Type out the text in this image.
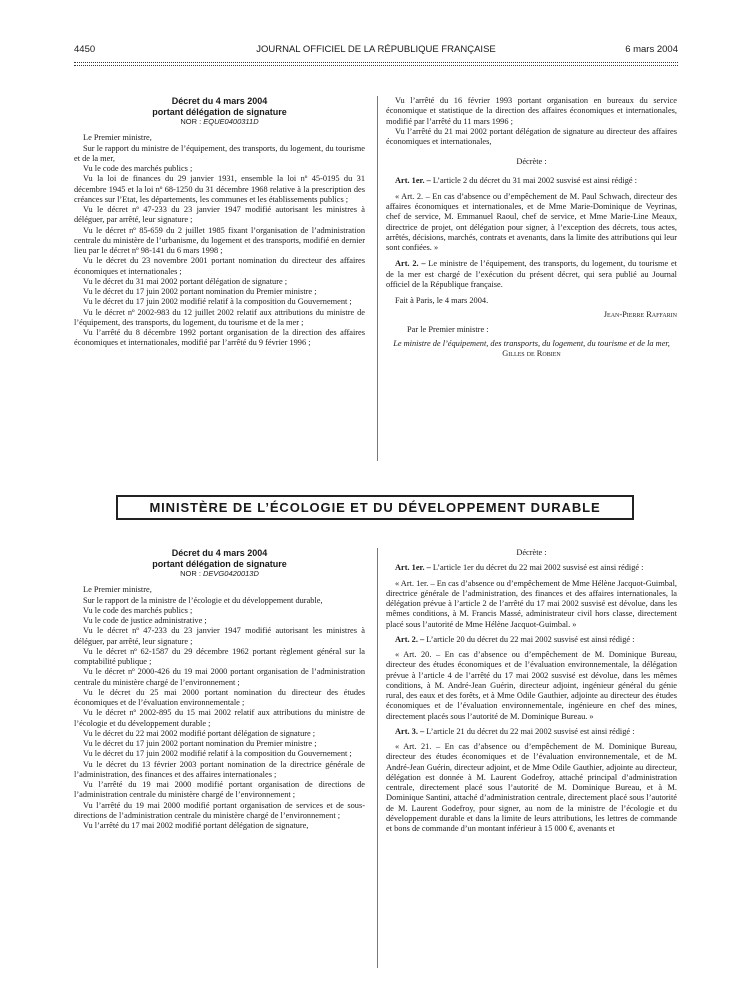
4450	JOURNAL OFFICIEL DE LA RÉPUBLIQUE FRANÇAISE	6 mars 2004

Décret du 4 mars 2004

portant délégation de signature

NOR : EQUE0400311D

Le Premier ministre,

Sur le rapport du ministre de l’équipement, des transports, du logement, du tourisme et de la mer,

Vu le code des marchés publics ;

Vu la loi de finances du 29 janvier 1931, ensemble la loi nº 45-0195 du 31 décembre 1945 et la loi nº 68-1250 du 31 décembre 1968 relative à la prescription des créances sur l’Etat, les départements, les communes et les établissements publics ;

Vu le décret nº 47-233 du 23 janvier 1947 modifié autorisant les ministres à déléguer, par arrêté, leur signature ;

Vu le décret nº 85-659 du 2 juillet 1985 fixant l’organisation de l’administration centrale du ministère de l’urbanisme, du logement et des transports, modifié en dernier lieu par le décret nº 98-141 du 6 mars 1998 ;

Vu le décret du 23 novembre 2001 portant nomination du directeur des affaires économiques et internationales ;

Vu le décret du 31 mai 2002 portant délégation de signature ;

Vu le décret du 17 juin 2002 portant nomination du Premier ministre ;

Vu le décret du 17 juin 2002 modifié relatif à la composition du Gouvernement ;

Vu le décret nº 2002-983 du 12 juillet 2002 relatif aux attributions du ministre de l’équipement, des transports, du logement, du tourisme et de la mer ;

Vu l’arrêté du 8 décembre 1992 portant organisation de la direction des affaires économiques et internationales, modifié par l’arrêté du 9 février 1996 ;

Vu l’arrêté du 16 février 1993 portant organisation en bureaux du service économique et statistique de la direction des affaires économiques et internationales, modifié par l’arrêté du 11 mars 1996 ;

Vu l’arrêté du 21 mai 2002 portant délégation de signature au directeur des affaires économiques et internationales,

Décrète :

Art. 1er. – L’article 2 du décret du 31 mai 2002 susvisé est ainsi rédigé :

« Art. 2. – En cas d’absence ou d’empêchement de M. Paul Schwach, directeur des affaires économiques et internationales, et de Mme Marie-Dominique de Veyrinas, chef de service, M. Emmanuel Raoul, chef de service, et Mme Marie-Line Meaux, directrice de projet, ont délégation pour signer, à l’exception des décrets, tous actes, arrêtés, décisions, marchés, contrats et avenants, dans la limite des attributions qui leur sont confiées. »

Art. 2. – Le ministre de l’équipement, des transports, du logement, du tourisme et de la mer est chargé de l’exécution du présent décret, qui sera publié au Journal officiel de la République française.

Fait à Paris, le 4 mars 2004.

Jean-Pierre Raffarin

Par le Premier ministre :

Le ministre de l’équipement, des transports, du logement, du tourisme et de la mer,

Gilles de Robien

MINISTÈRE DE L’ÉCOLOGIE ET DU DÉVELOPPEMENT DURABLE

Décret du 4 mars 2004

portant délégation de signature

NOR : DEVG0420013D

Le Premier ministre,

Sur le rapport de la ministre de l’écologie et du développement durable,

Vu le code des marchés publics ;

Vu le code de justice administrative ;

Vu le décret nº 47-233 du 23 janvier 1947 modifié autorisant les ministres à déléguer, par arrêté, leur signature ;

Vu le décret nº 62-1587 du 29 décembre 1962 portant règlement général sur la comptabilité publique ;

Vu le décret nº 2000-426 du 19 mai 2000 portant organisation de l’administration centrale du ministère chargé de l’environnement ;

Vu le décret du 25 mai 2000 portant nomination du directeur des études économiques et de l’évaluation environnementale ;

Vu le décret nº 2002-895 du 15 mai 2002 relatif aux attributions du ministre de l’écologie et du développement durable ;

Vu le décret du 22 mai 2002 modifié portant délégation de signature ;

Vu le décret du 17 juin 2002 portant nomination du Premier ministre ;

Vu le décret du 17 juin 2002 modifié relatif à la composition du Gouvernement ;

Vu le décret du 13 février 2003 portant nomination de la directrice générale de l’administration, des finances et des affaires internationales ;

Vu l’arrêté du 19 mai 2000 modifié portant organisation de directions de l’administration centrale du ministère chargé de l’environnement ;

Vu l’arrêté du 19 mai 2000 modifié portant organisation de services et de sous-directions de l’administration centrale du ministère chargé de l’environnement ;

Vu l’arrêté du 17 mai 2002 modifié portant délégation de signature,

Décrète :

Art. 1er. – L’article 1er du décret du 22 mai 2002 susvisé est ainsi rédigé :

« Art. 1er. – En cas d’absence ou d’empêchement de Mme Hélène Jacquot-Guimbal, directrice générale de l’administration, des finances et des affaires internationales, la délégation prévue à l’article 2 de l’arrêté du 17 mai 2002 susvisé est dévolue, dans les mêmes conditions, à M. Francis Massé, administrateur civil hors classe, directement placé sous l’autorité de Mme Hélène Jacquot-Guimbal. »

Art. 2. – L’article 20 du décret du 22 mai 2002 susvisé est ainsi rédigé :

« Art. 20. – En cas d’absence ou d’empêchement de M. Dominique Bureau, directeur des études économiques et de l’évaluation environnementale, la délégation prévue à l’article 4 de l’arrêté du 17 mai 2002 susvisé est dévolue, dans les mêmes conditions, à M. André-Jean Guérin, directeur adjoint, ingénieur général du génie rural, des eaux et des forêts, et à Mme Odile Gauthier, adjointe au directeur des études économiques et de l’évaluation environnementale, ingénieure en chef des mines, directement placés sous l’autorité de M. Dominique Bureau. »

Art. 3. – L’article 21 du décret du 22 mai 2002 susvisé est ainsi rédigé :

« Art. 21. – En cas d’absence ou d’empêchement de M. Dominique Bureau, directeur des études économiques et de l’évaluation environnementale, et de M. André-Jean Guérin, directeur adjoint, et de Mme Odile Gauthier, adjointe au directeur, délégation est donnée à M. Laurent Godefroy, attaché principal d’administration centrale, directement placé sous l’autorité de M. Dominique Bureau, et à M. Dominique Santini, attaché d’administration centrale, directement placé sous l’autorité de M. Laurent Godefroy, pour signer, au nom de la ministre de l’écologie et du développement durable et dans la limite de leurs attributions, les lettres de commande et bons de commande d’un montant inférieur à 15 000 €, avenants et
